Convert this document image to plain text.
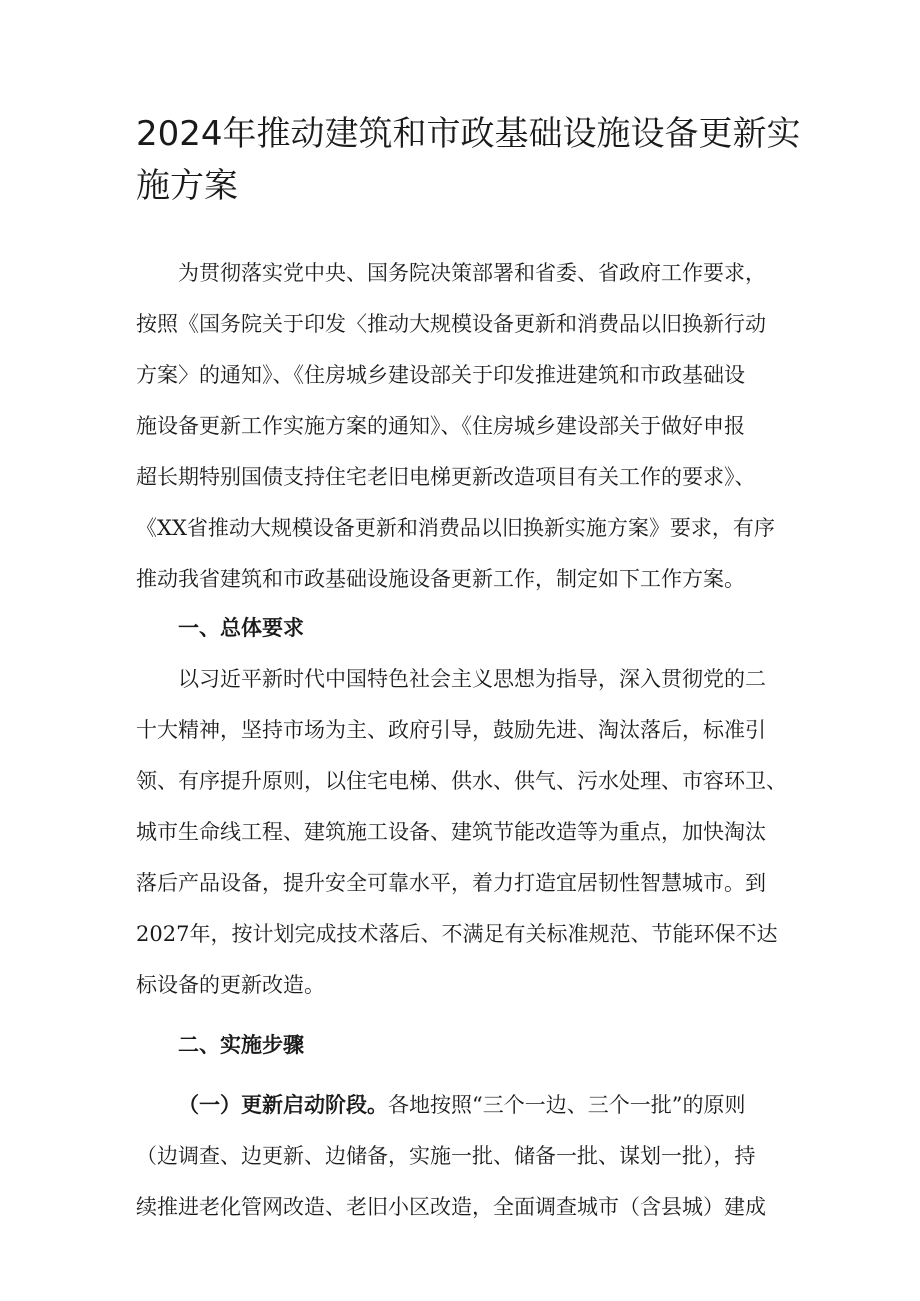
2024年推动建筑和市政基础设施设备更新实施方案

为贯彻落实党中央、国务院决策部署和省委、省政府工作要求，

按照《国务院关于印发〈推动大规模设备更新和消费品以旧换新行动

方案〉的通知》、《住房城乡建设部关于印发推进建筑和市政基础设

施设备更新工作实施方案的通知》、《住房城乡建设部关于做好申报

超长期特别国债支持住宅老旧电梯更新改造项目有关工作的要求》、

《XX省推动大规模设备更新和消费品以旧换新实施方案》要求，有序

推动我省建筑和市政基础设施设备更新工作，制定如下工作方案。

一、总体要求

以习近平新时代中国特色社会主义思想为指导，深入贯彻党的二

十大精神，坚持市场为主、政府引导，鼓励先进、淘汰落后，标准引

领、有序提升原则，以住宅电梯、供水、供气、污水处理、市容环卫、

城市生命线工程、建筑施工设备、建筑节能改造等为重点，加快淘汰

落后产品设备，提升安全可靠水平，着力打造宜居韧性智慧城市。到

2027年，按计划完成技术落后、不满足有关标准规范、节能环保不达

标设备的更新改造。

二、实施步骤

（一）更新启动阶段。各地按照“三个一边、三个一批”的原则

（边调查、边更新、边储备，实施一批、储备一批、谋划一批），持

续推进老化管网改造、老旧小区改造，全面调查城市（含县城）建成
